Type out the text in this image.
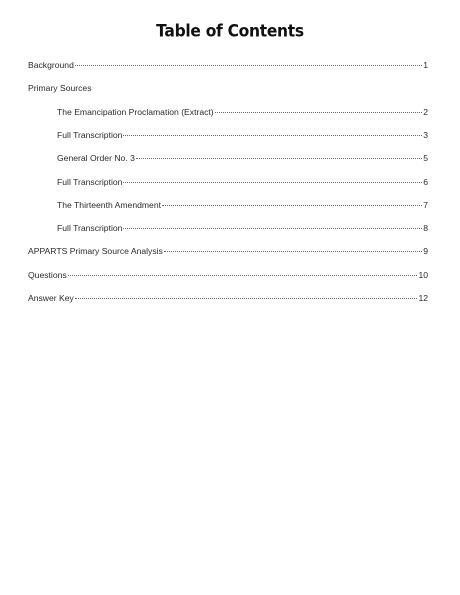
Table of Contents
Background	1
Primary Sources
The Emancipation Proclamation (Extract)	2
Full Transcription	3
General Order No. 3	5
Full Transcription	6
The Thirteenth Amendment	7
Full Transcription	8
APPARTS Primary Source Analysis	9
Questions	10
Answer Key	12
